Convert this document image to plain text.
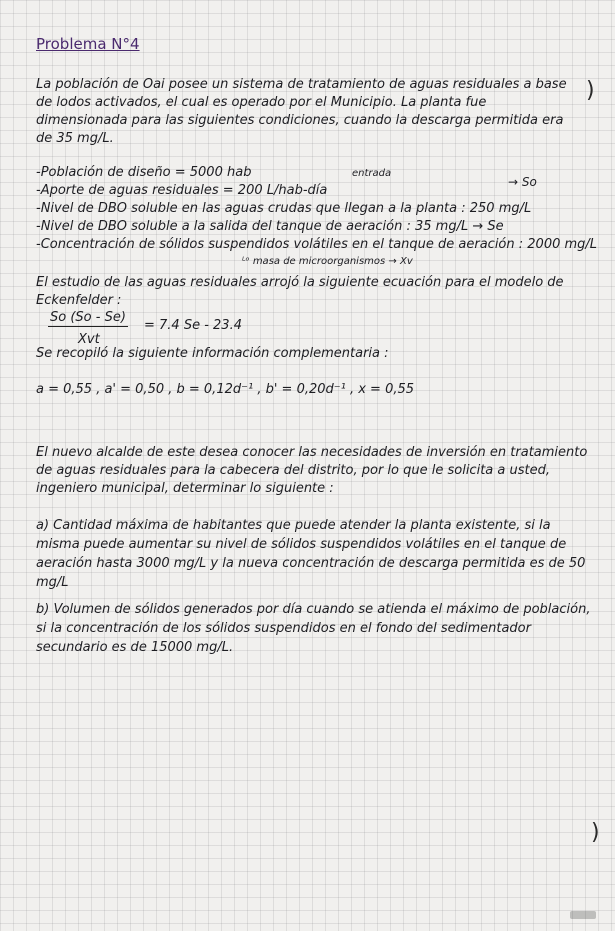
Problema N°4
)
La población de Oai posee un sistema de tratamiento de aguas residuales a base de lodos activados, el cual es operado por el Municipio. La planta fue dimensionada para las siguientes condiciones, cuando la descarga permitida era de 35 mg/L.
entrada
→ So
-Población de diseño = 5000 hab
-Aporte de aguas residuales = 200 L/hab-día
-Nivel de DBO soluble en las aguas crudas que llegan a la planta : 250 mg/L
-Nivel de DBO soluble a la salida del tanque de aeración : 35 mg/L → Se
-Concentración de sólidos suspendidos volátiles en el tanque de aeración : 2000 mg/L
ᴸᵒ masa de microorganismos → Xv
El estudio de las aguas residuales arrojó la siguiente ecuación para el modelo de Eckenfelder :
So (So - Se)
Xvt
= 7.4 Se - 23.4
Se recopiló la siguiente información complementaria :
a = 0,55 , a' = 0,50 , b = 0,12d⁻¹ , b' = 0,20d⁻¹ , x = 0,55
El nuevo alcalde de este desea conocer las necesidades de inversión en tratamiento de aguas residuales para la cabecera del distrito, por lo que le solicita a usted, ingeniero municipal, determinar lo siguiente :
a) Cantidad máxima de habitantes que puede atender la planta existente, si la misma puede aumentar su nivel de sólidos suspendidos volátiles en el tanque de aeración hasta 3000 mg/L y la nueva concentración de descarga permitida es de 50 mg/L
b) Volumen de sólidos generados por día cuando se atienda el máximo de población, si la concentración de los sólidos suspendidos en el fondo del sedimentador secundario es de 15000 mg/L.
)
